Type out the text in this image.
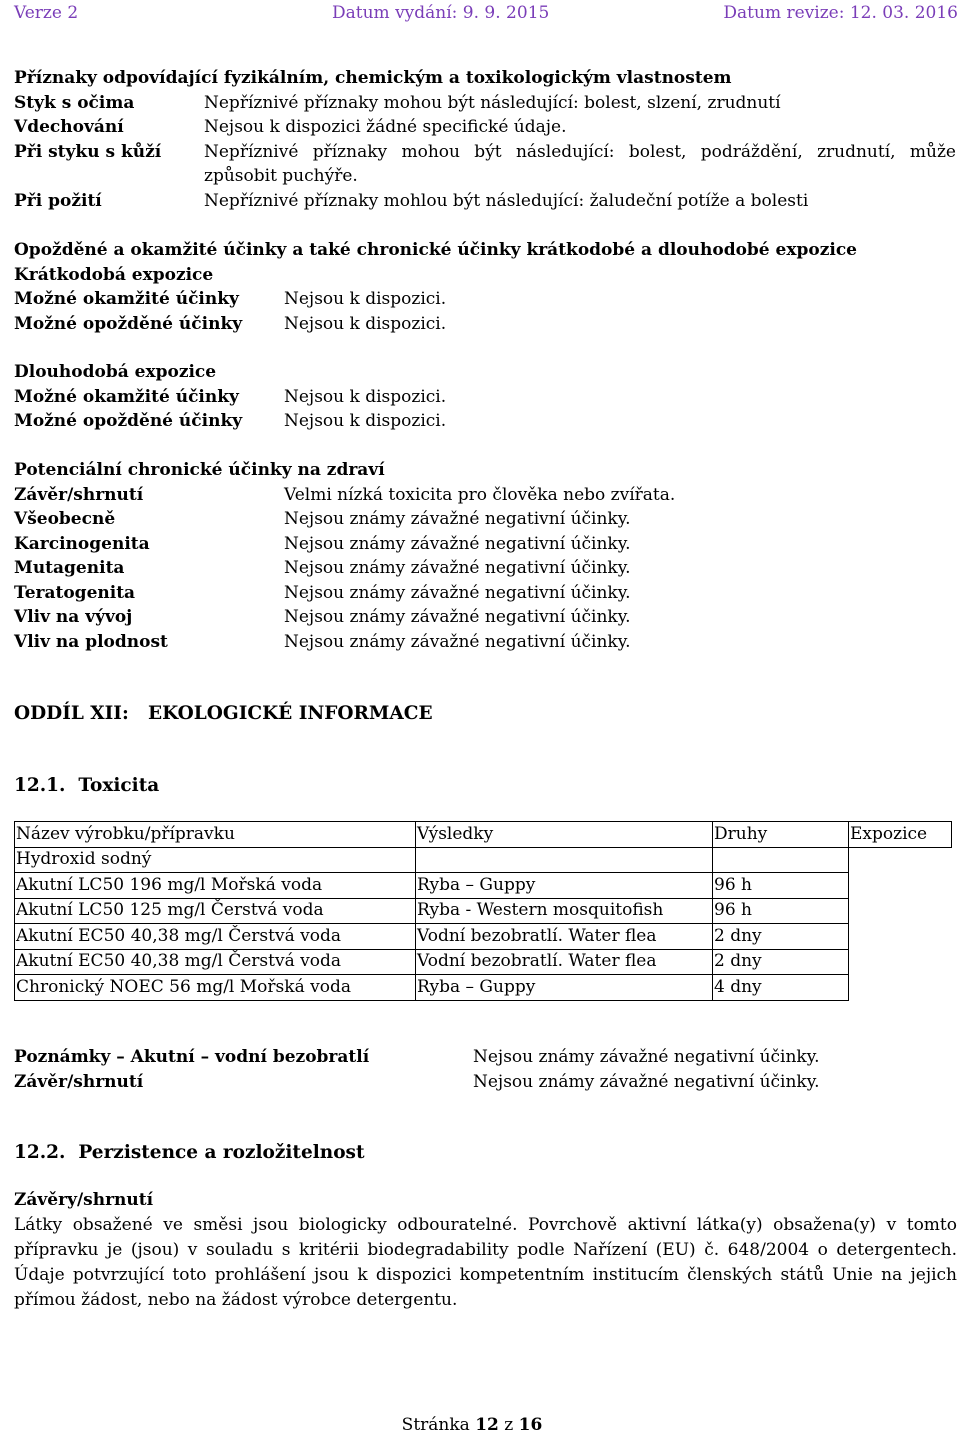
Verze 2	Datum vydání: 9. 9. 2015	Datum revize: 12. 03. 2016
Příznaky odpovídající fyzikálním, chemickým a toxikologickým vlastnostem
Styk s očima	Nepříznivé příznaky mohou být následující: bolest, slzení, zrudnutí
Vdechování	Nejsou k dispozici žádné specifické údaje.
Při styku s kůží	Nepříznivé příznaky mohou být následující: bolest, podráždění, zrudnutí, může způsobit puchýře.
Při požití	Nepříznivé příznaky mohlou být následující: žaludeční potíže a bolesti
Opožděné a okamžité účinky a také chronické účinky krátkodobé a dlouhodobé expozice
Krátkodobá expozice
Možné okamžité účinky	Nejsou k dispozici.
Možné opožděné účinky Nejsou k dispozici.
Dlouhodobá expozice
Možné okamžité účinky	Nejsou k dispozici.
Možné opožděné účinky Nejsou k dispozici.
Potenciální chronické účinky na zdraví
Závěr/shrnutí	Velmi nízká toxicita pro člověka nebo zvířata.
Všeobecně	Nejsou známy závažné negativní účinky.
Karcinogenita	Nejsou známy závažné negativní účinky.
Mutagenita	Nejsou známy závažné negativní účinky.
Teratogenita	Nejsou známy závažné negativní účinky.
Vliv na vývoj	Nejsou známy závažné negativní účinky.
Vliv na plodnost	Nejsou známy závažné negativní účinky.
ODDÍL XII: EKOLOGICKÉ INFORMACE
12.1.  Toxicita
Název výrobku/přípravku	Výsledky	Druhy	Expozice
Hydroxid sodný			
Akutní LC50 196 mg/l Mořská voda	Ryba – Guppy	96 h	
Akutní LC50 125 mg/l Čerstvá voda	Ryba - Western mosquitofish	96 h	
Akutní EC50 40,38 mg/l Čerstvá voda	Vodní bezobratlí. Water flea	2 dny	
Akutní EC50 40,38 mg/l Čerstvá voda	Vodní bezobratlí. Water flea	2 dny	
Chronický NOEC 56 mg/l Mořská voda	Ryba – Guppy	4 dny	
Poznámky – Akutní – vodní bezobratlí	Nejsou známy závažné negativní účinky.
Závěr/shrnutí	Nejsou známy závažné negativní účinky.
12.2.  Perzistence a rozložitelnost
Závěry/shrnutí
Látky obsažené ve směsi jsou biologicky odbouratelné. Povrchově aktivní látka(y) obsažena(y) v tomto přípravku je (jsou) v souladu s kritérii biodegradability podle Nařízení (EU) č. 648/2004 o detergentech. Údaje potvrzující toto prohlášení jsou k dispozici kompetentním institucím členských států Unie na jejich přímou žádost, nebo na žádost výrobce detergentu.
Stránka 12 z 16
